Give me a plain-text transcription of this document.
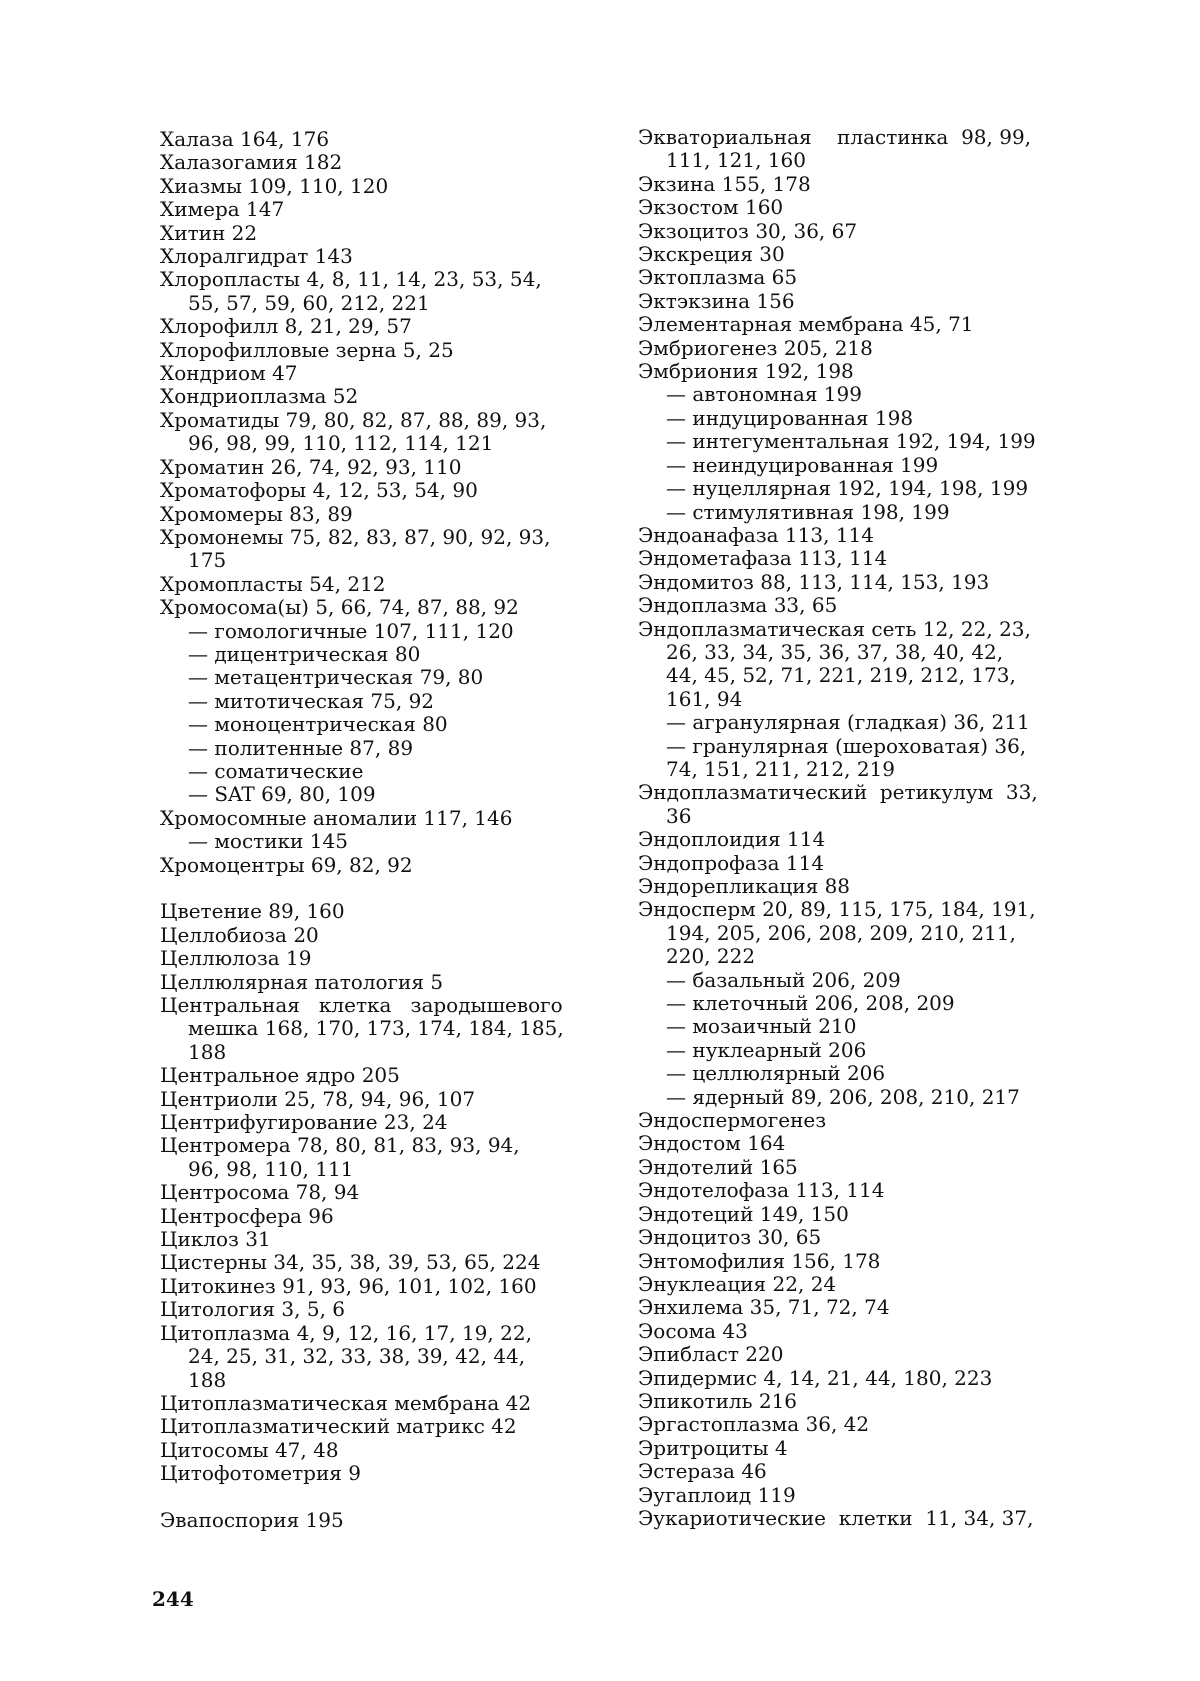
Халаза 164, 176
Халазогамия 182
Хиазмы 109, 110, 120
Химера 147
Хитин 22
Хлоралгидрат 143
Хлоропласты 4, 8, 11, 14, 23, 53, 54,
55, 57, 59, 60, 212, 221
Хлорофилл 8, 21, 29, 57
Хлорофилловые зерна 5, 25
Хондриом 47
Хондриоплазма 52
Хроматиды 79, 80, 82, 87, 88, 89, 93,
96, 98, 99, 110, 112, 114, 121
Хроматин 26, 74, 92, 93, 110
Хроматофоры 4, 12, 53, 54, 90
Хромомеры 83, 89
Хромонемы 75, 82, 83, 87, 90, 92, 93,
175
Хромопласты 54, 212
Хромосома(ы) 5, 66, 74, 87, 88, 92
— гомологичные 107, 111, 120
— дицентрическая 80
— метацентрическая 79, 80
— митотическая 75, 92
— моноцентрическая 80
— политенные 87, 89
— соматические
— SAT 69, 80, 109
Хромосомные аномалии 117, 146
— мостики 145
Хромоцентры 69, 82, 92
Цветение 89, 160
Целлобиоза 20
Целлюлоза 19
Целлюлярная патология 5
Центральная   клетка   зародышевого
мешка 168, 170, 173, 174, 184, 185,
188
Центральное ядро 205
Центриоли 25, 78, 94, 96, 107
Центрифугирование 23, 24
Центромера 78, 80, 81, 83, 93, 94,
96, 98, 110, 111
Центросома 78, 94
Центросфера 96
Циклоз 31
Цистерны 34, 35, 38, 39, 53, 65, 224
Цитокинез 91, 93, 96, 101, 102, 160
Цитология 3, 5, 6
Цитоплазма 4, 9, 12, 16, 17, 19, 22,
24, 25, 31, 32, 33, 38, 39, 42, 44,
188
Цитоплазматическая мембрана 42
Цитоплазматический матрикс 42
Цитосомы 47, 48
Цитофотометрия 9
Эвапоспория 195
Экваториальная    пластинка  98, 99,
111, 121, 160
Экзина 155, 178
Экзостом 160
Экзоцитоз 30, 36, 67
Экскреция 30
Эктоплазма 65
Эктэкзина 156
Элементарная мембрана 45, 71
Эмбриогенез 205, 218
Эмбриония 192, 198
— автономная 199
— индуцированная 198
— интегументальная 192, 194, 199
— неиндуцированная 199
— нуцеллярная 192, 194, 198, 199
— стимулятивная 198, 199
Эндоанафаза 113, 114
Эндометафаза 113, 114
Эндомитоз 88, 113, 114, 153, 193
Эндоплазма 33, 65
Эндоплазматическая сеть 12, 22, 23,
26, 33, 34, 35, 36, 37, 38, 40, 42,
44, 45, 52, 71, 221, 219, 212, 173,
161, 94
— агранулярная (гладкая) 36, 211
— гранулярная (шероховатая) 36,
74, 151, 211, 212, 219
Эндоплазматический  ретикулум  33,
36
Эндоплоидия 114
Эндопрофаза 114
Эндорепликация 88
Эндосперм 20, 89, 115, 175, 184, 191,
194, 205, 206, 208, 209, 210, 211,
220, 222
— базальный 206, 209
— клеточный 206, 208, 209
— мозаичный 210
— нуклеарный 206
— целлюлярный 206
— ядерный 89, 206, 208, 210, 217
Эндоспермогенез
Эндостом 164
Эндотелий 165
Эндотелофаза 113, 114
Эндотеций 149, 150
Эндоцитоз 30, 65
Энтомофилия 156, 178
Энуклеация 22, 24
Энхилема 35, 71, 72, 74
Эосома 43
Эпибласт 220
Эпидермис 4, 14, 21, 44, 180, 223
Эпикотиль 216
Эргастоплазма 36, 42
Эритроциты 4
Эстераза 46
Эугаплоид 119
Эукариотические  клетки  11, 34, 37,
244
